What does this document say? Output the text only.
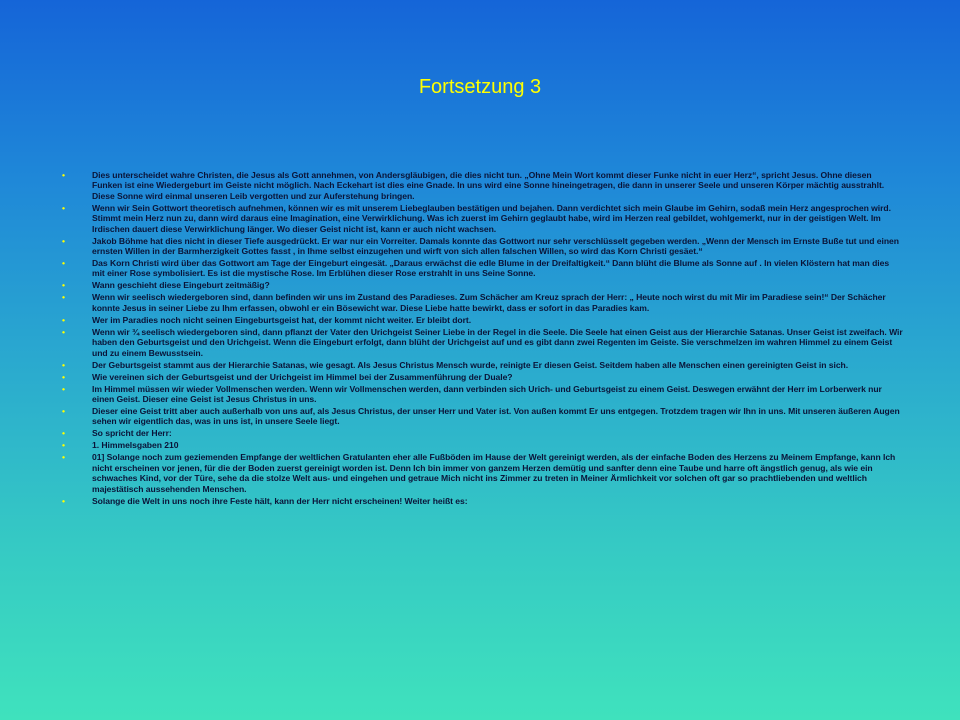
Fortsetzung 3
•	Dies unterscheidet wahre Christen, die Jesus als Gott annehmen, von Andersgläubigen, die dies nicht tun. „Ohne Mein Wort kommt dieser Funke nicht in euer Herz“, spricht Jesus. Ohne diesen Funken ist eine Wiedergeburt im Geiste nicht möglich. Nach Eckehart ist dies eine Gnade. In uns wird eine Sonne hineingetragen, die dann in unserer Seele und unseren Körper mächtig ausstrahlt. Diese Sonne wird einmal unseren Leib vergotten und zur Auferstehung bringen.
•	Wenn wir Sein Gottwort theoretisch aufnehmen, können wir es mit unserem Liebeglauben bestätigen und bejahen. Dann verdichtet sich mein Glaube im Gehirn, sodaß mein Herz angesprochen wird. Stimmt mein Herz nun zu, dann wird daraus eine Imagination, eine Verwirklichung. Was ich zuerst im Gehirn geglaubt habe, wird im Herzen real gebildet, wohlgemerkt, nur in der geistigen Welt. Im Irdischen dauert diese Verwirklichung länger. Wo dieser Geist nicht ist, kann er auch nicht wachsen.
•	Jakob Böhme hat dies nicht in dieser Tiefe ausgedrückt. Er war nur ein Vorreiter. Damals konnte das Gottwort nur sehr verschlüsselt gegeben werden. „Wenn der Mensch im Ernste Buße tut und einen ernsten Willen in der Barmherzigkeit Gottes fasst , in Ihme selbst einzugehen und wirft von sich allen falschen Willen, so wird das Korn Christi gesäet.“
•	Das Korn Christi wird über das Gottwort am Tage der Eingeburt eingesät. „Daraus erwächst die edle Blume in der Dreifaltigkeit.“ Dann blüht die Blume als Sonne auf . In vielen Klöstern hat man dies mit einer Rose symbolisiert. Es ist die mystische Rose. Im Erblühen dieser Rose erstrahlt in uns Seine Sonne.
•	Wann geschieht diese Eingeburt zeitmäßig?
•	Wenn wir seelisch wiedergeboren sind, dann befinden wir uns im Zustand des Paradieses. Zum Schächer am Kreuz sprach der Herr: „ Heute noch wirst du mit Mir im Paradiese sein!“ Der Schächer konnte Jesus in seiner Liebe zu Ihm erfassen, obwohl er ein Bösewicht war. Diese Liebe hatte bewirkt, dass er sofort in das Paradies kam.
•	Wer im Paradies noch nicht seinen Eingeburtsgeist hat, der kommt nicht weiter. Er bleibt dort.
•	Wenn wir ¾ seelisch wiedergeboren sind, dann pflanzt der Vater den Urichgeist Seiner Liebe in der Regel in die Seele. Die Seele hat einen Geist aus der Hierarchie Satanas. Unser Geist ist zweifach. Wir haben den Geburtsgeist und den Urichgeist. Wenn die Eingeburt erfolgt, dann blüht der Urichgeist auf und es gibt dann zwei Regenten im Geiste. Sie verschmelzen im wahren Himmel zu einem Geist und zu einem Bewusstsein.
•	Der Geburtsgeist stammt aus der Hierarchie Satanas, wie gesagt. Als Jesus Christus Mensch wurde, reinigte Er diesen Geist. Seitdem haben alle Menschen einen gereinigten Geist in sich.
•	Wie vereinen sich der Geburtsgeist und der Urichgeist im Himmel bei der Zusammenführung der Duale?
•	Im Himmel müssen wir wieder Vollmenschen werden. Wenn wir Vollmenschen werden, dann verbinden sich Urich- und Geburtsgeist zu einem Geist. Deswegen erwähnt der Herr im Lorberwerk nur einen Geist. Dieser eine Geist ist Jesus Christus in uns.
•	Dieser eine Geist tritt aber auch außerhalb von uns auf, als Jesus Christus, der unser Herr und Vater ist. Von außen kommt Er uns entgegen. Trotzdem tragen wir Ihn in uns. Mit unseren äußeren Augen sehen wir eigentlich das, was in uns ist, in unsere Seele liegt.
•	So spricht der Herr:
•	1. Himmelsgaben 210
•	01] Solange noch zum geziemenden Empfange der weltlichen Gratulanten eher alle Fußböden im Hause der Welt gereinigt werden, als der einfache Boden des Herzens zu Meinem Empfange, kann Ich nicht erscheinen vor jenen, für die der Boden zuerst gereinigt worden ist. Denn Ich bin immer von ganzem Herzen demütig und sanfter denn eine Taube und harre oft ängstlich genug, als wie ein schwaches Kind, vor der Türe, sehe da die stolze Welt aus- und eingehen und getraue Mich nicht ins Zimmer zu treten in Meiner Ärmlichkeit vor solchen oft gar so prachtliebenden und weltlich majestätisch aussehenden Menschen.
•	Solange die Welt in uns noch ihre Feste hält, kann der Herr nicht erscheinen! Weiter heißt es:
